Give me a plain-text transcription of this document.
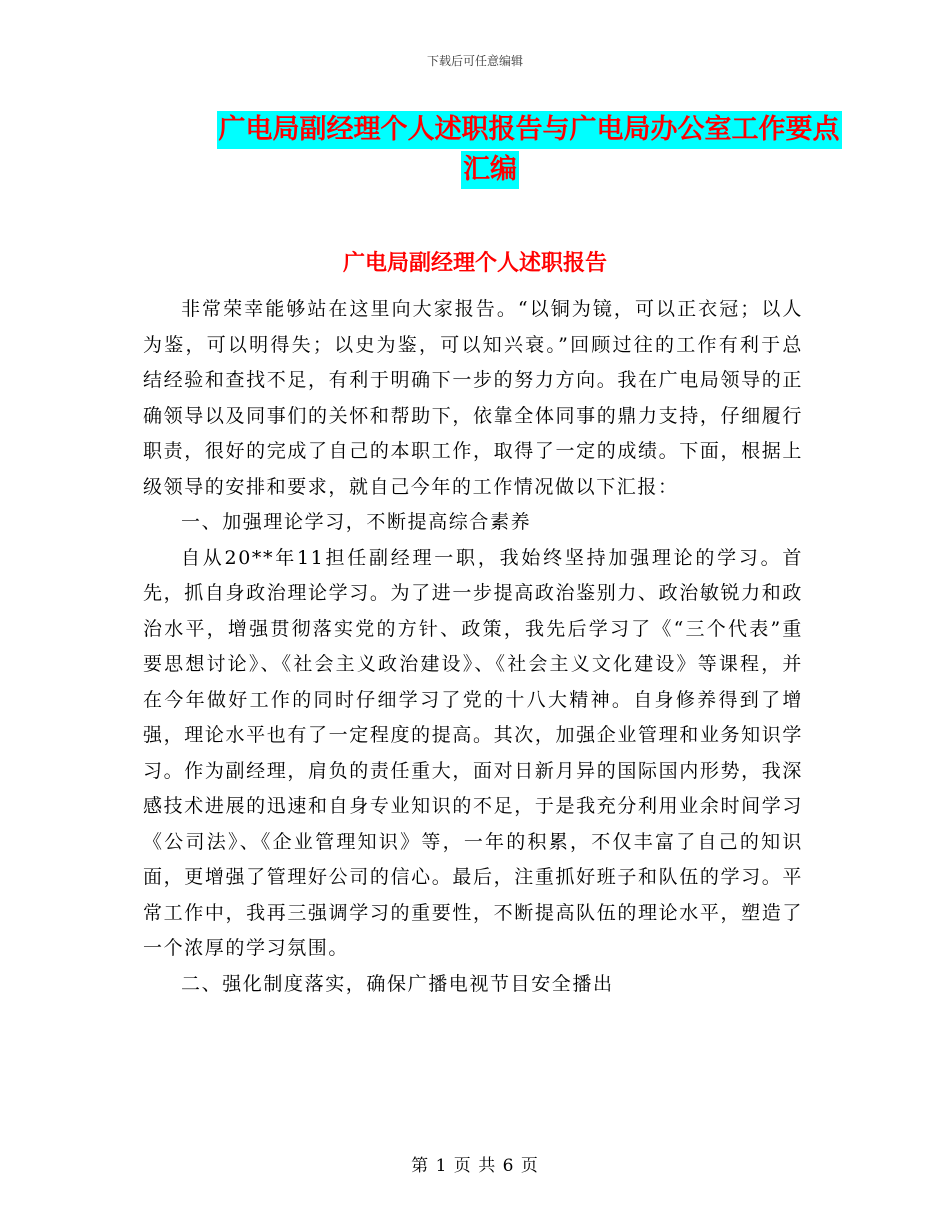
下载后可任意编辑
广电局副经理个人述职报告与广电局办公室工作要点
汇编
广电局副经理个人述职报告

非常荣幸能够站在这里向大家报告。“以铜为镜，可以正衣冠；以人为鉴，可以明得失；以史为鉴，可以知兴衰。”回顾过往的工作有利于总结经验和查找不足，有利于明确下一步的努力方向。我在广电局领导的正确领导以及同事们的关怀和帮助下，依靠全体同事的鼎力支持，仔细履行职责，很好的完成了自己的本职工作，取得了一定的成绩。下面，根据上级领导的安排和要求，就自己今年的工作情况做以下汇报：

一、加强理论学习，不断提高综合素养

自从20**年11担任副经理一职，我始终坚持加强理论的学习。首先，抓自身政治理论学习。为了进一步提高政治鉴别力、政治敏锐力和政治水平，增强贯彻落实党的方针、政策，我先后学习了《“三个代表”重要思想讨论》、《社会主义政治建设》、《社会主义文化建设》等课程，并在今年做好工作的同时仔细学习了党的十八大精神。自身修养得到了增强，理论水平也有了一定程度的提高。其次，加强企业管理和业务知识学习。作为副经理，肩负的责任重大，面对日新月异的国际国内形势，我深感技术进展的迅速和自身专业知识的不足，于是我充分利用业余时间学习《公司法》、《企业管理知识》等，一年的积累，不仅丰富了自己的知识面，更增强了管理好公司的信心。最后，注重抓好班子和队伍的学习。平常工作中，我再三强调学习的重要性，不断提高队伍的理论水平，塑造了一个浓厚的学习氛围。

二、强化制度落实，确保广播电视节目安全播出

第 1 页 共 6 页
